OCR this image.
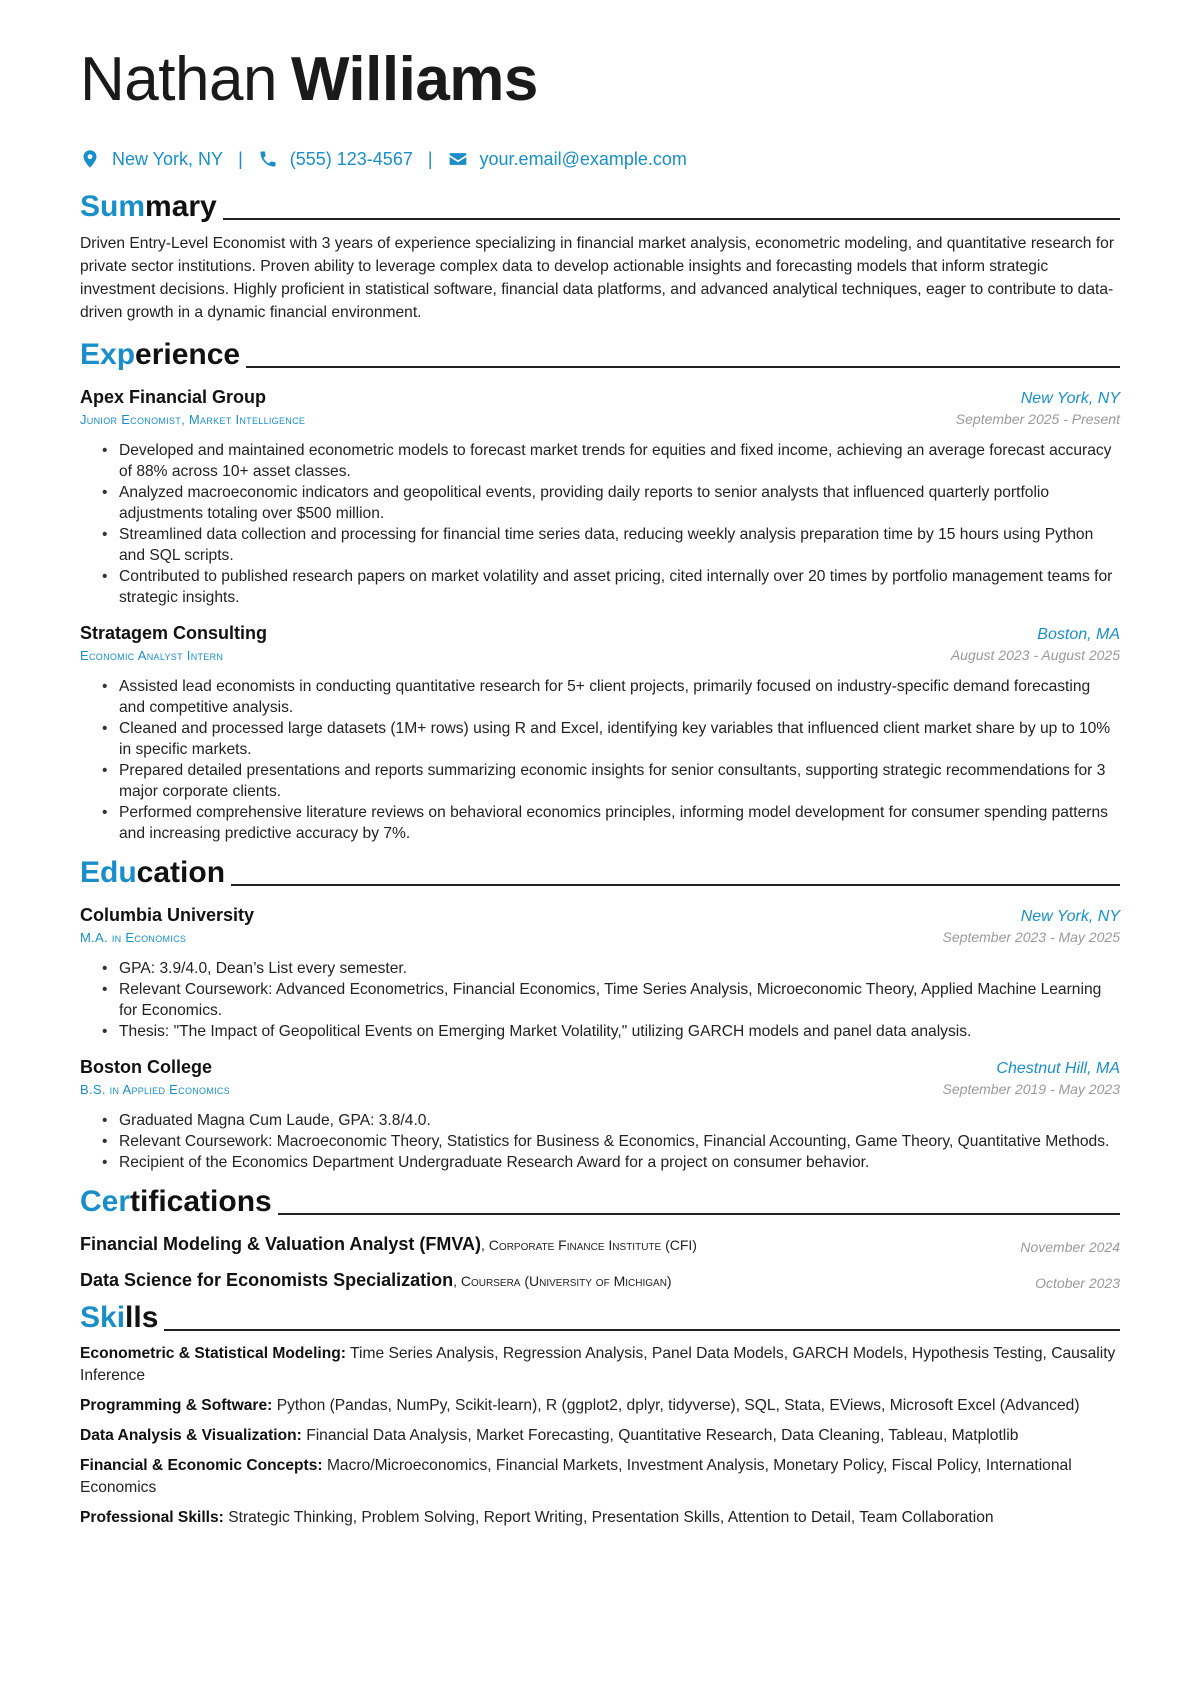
Nathan Williams
New York, NY |	(555) 123-4567 |	your.email@example.com
Summary
Driven Entry-Level Economist with 3 years of experience specializing in financial market analysis, econometric modeling, and quantitative research for private sector institutions. Proven ability to leverage complex data to develop actionable insights and forecasting models that inform strategic investment decisions. Highly proficient in statistical software, financial data platforms, and advanced analytical techniques, eager to contribute to data-driven growth in a dynamic financial environment.
Experience
Apex Financial Group	New York, NY
Junior Economist, Market Intelligence	September 2025 - Present
• Developed and maintained econometric models to forecast market trends for equities and fixed income, achieving an average forecast accuracy of 88% across 10+ asset classes.
• Analyzed macroeconomic indicators and geopolitical events, providing daily reports to senior analysts that influenced quarterly portfolio adjustments totaling over $500 million.
• Streamlined data collection and processing for financial time series data, reducing weekly analysis preparation time by 15 hours using Python and SQL scripts.
• Contributed to published research papers on market volatility and asset pricing, cited internally over 20 times by portfolio management teams for strategic insights.
Stratagem Consulting	Boston, MA
Economic Analyst Intern	August 2023 - August 2025
• Assisted lead economists in conducting quantitative research for 5+ client projects, primarily focused on industry-specific demand forecasting and competitive analysis.
• Cleaned and processed large datasets (1M+ rows) using R and Excel, identifying key variables that influenced client market share by up to 10% in specific markets.
• Prepared detailed presentations and reports summarizing economic insights for senior consultants, supporting strategic recommendations for 3 major corporate clients.
• Performed comprehensive literature reviews on behavioral economics principles, informing model development for consumer spending patterns and increasing predictive accuracy by 7%.
Education
Columbia University	New York, NY
M.A. in Economics	September 2023 - May 2025
• GPA: 3.9/4.0, Dean’s List every semester.
• Relevant Coursework: Advanced Econometrics, Financial Economics, Time Series Analysis, Microeconomic Theory, Applied Machine Learning for Economics.
• Thesis: "The Impact of Geopolitical Events on Emerging Market Volatility," utilizing GARCH models and panel data analysis.
Boston College	Chestnut Hill, MA
B.S. in Applied Economics	September 2019 - May 2023
• Graduated Magna Cum Laude, GPA: 3.8/4.0.
• Relevant Coursework: Macroeconomic Theory, Statistics for Business & Economics, Financial Accounting, Game Theory, Quantitative Methods.
• Recipient of the Economics Department Undergraduate Research Award for a project on consumer behavior.
Certifications
Financial Modeling & Valuation Analyst (FMVA), Corporate Finance Institute (CFI)	November 2024
Data Science for Economists Specialization, Coursera (University of Michigan)	October 2023
Skills
Econometric & Statistical Modeling: Time Series Analysis, Regression Analysis, Panel Data Models, GARCH Models, Hypothesis Testing, Causality Inference
Programming & Software: Python (Pandas, NumPy, Scikit-learn), R (ggplot2, dplyr, tidyverse), SQL, Stata, EViews, Microsoft Excel (Advanced)
Data Analysis & Visualization: Financial Data Analysis, Market Forecasting, Quantitative Research, Data Cleaning, Tableau, Matplotlib
Financial & Economic Concepts: Macro/Microeconomics, Financial Markets, Investment Analysis, Monetary Policy, Fiscal Policy, International Economics
Professional Skills: Strategic Thinking, Problem Solving, Report Writing, Presentation Skills, Attention to Detail, Team Collaboration
